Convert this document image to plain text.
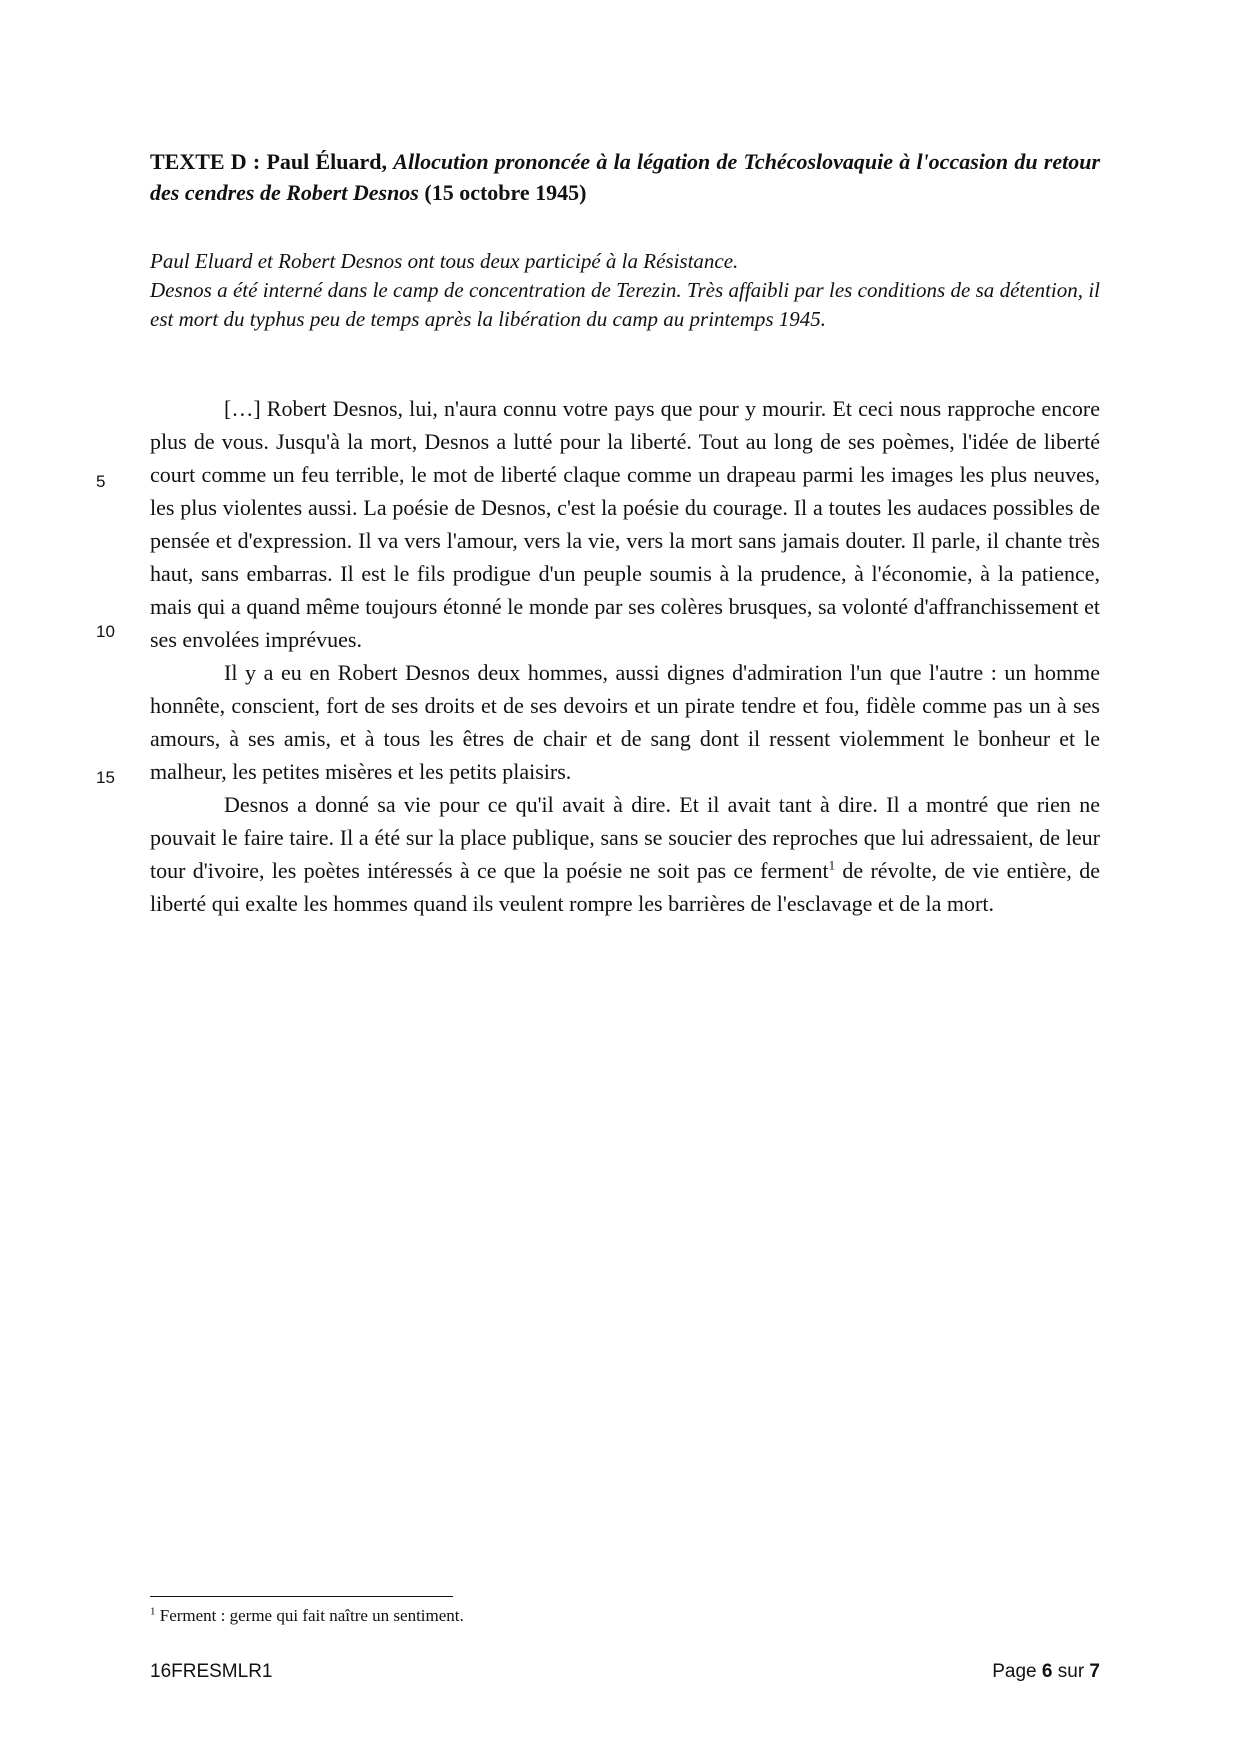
TEXTE D : Paul Éluard, Allocution prononcée à la légation de Tchécoslovaquie à l'occasion du retour des cendres de Robert Desnos (15 octobre 1945)

Paul Eluard et Robert Desnos ont tous deux participé à la Résistance.

Desnos a été interné dans le camp de concentration de Terezin. Très affaibli par les conditions de sa détention, il est mort du typhus peu de temps après la libération du camp au printemps 1945.

[…] Robert Desnos, lui, n'aura connu votre pays que pour y mourir. Et ceci nous rapproche encore plus de vous. Jusqu'à la mort, Desnos a lutté pour la liberté. Tout au long de ses poèmes, l'idée de liberté court comme un feu terrible, le mot de liberté claque comme un drapeau parmi les images les plus neuves, les plus violentes aussi. La poésie de Desnos, c'est la poésie du courage. Il a toutes les audaces possibles de pensée et d'expression. Il va vers l'amour, vers la vie, vers la mort sans jamais douter. Il parle, il chante très haut, sans embarras. Il est le fils prodigue d'un peuple soumis à la prudence, à l'économie, à la patience, mais qui a quand même toujours étonné le monde par ses colères brusques, sa volonté d'affranchissement et ses envolées imprévues.

Il y a eu en Robert Desnos deux hommes, aussi dignes d'admiration l'un que l'autre : un homme honnête, conscient, fort de ses droits et de ses devoirs et un pirate tendre et fou, fidèle comme pas un à ses amours, à ses amis, et à tous les êtres de chair et de sang dont il ressent violemment le bonheur et le malheur, les petites misères et les petits plaisirs.

Desnos a donné sa vie pour ce qu'il avait à dire. Et il avait tant à dire. Il a montré que rien ne pouvait le faire taire. Il a été sur la place publique, sans se soucier des reproches que lui adressaient, de leur tour d'ivoire, les poètes intéressés à ce que la poésie ne soit pas ce ferment$^1$ de révolte, de vie entière, de liberté qui exalte les hommes quand ils veulent rompre les barrières de l'esclavage et de la mort.

5
10
15

$^1$ Ferment : germe qui fait naître un sentiment.

16FRESMLR1	Page 6 sur 7
